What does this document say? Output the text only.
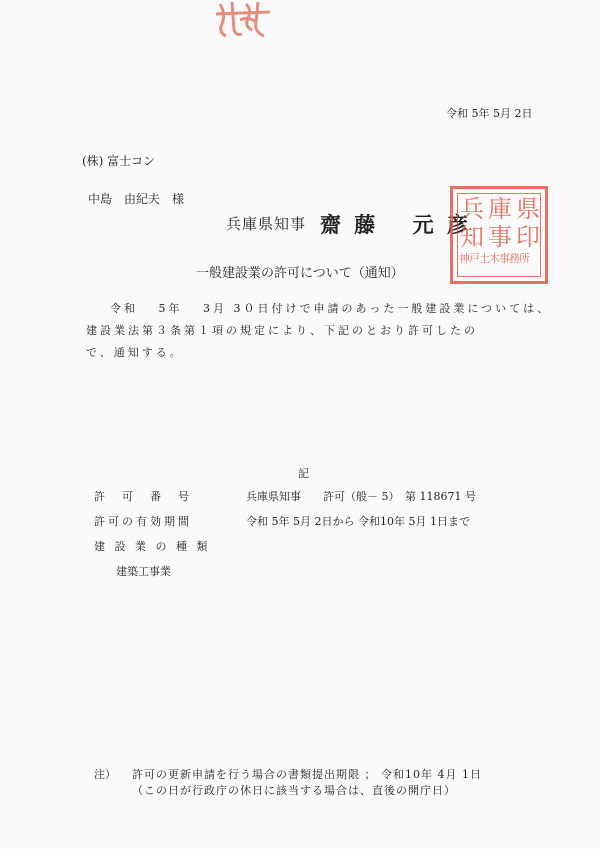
令和 5年 5月 2日
(株) 富士コン
中島　由紀夫　様
兵庫県知事 齋 藤　 元 彦
県
印
庫
事
兵
知
神戸土木事務所
一般建設業の許可について（通知）
令和　 5年　 3月 3０日付けで申請のあった一般建設業については、
建設業法第３条第１項の規定により、下記のとおり許可したの
で、通知する。
記
許　可　番　号	兵庫県知事　　許可（般－ 5）　第 118671 号
許可の有効期間	令和 5年 5月 2日から 令和10年 5月 1日まで
建 設 業 の 種 類
建築工事業
注） 許可の更新申請を行う場合の書類提出期限 ； 令和10年 4月 1日
（この日が行政庁の休日に該当する場合は、直後の開庁日）
